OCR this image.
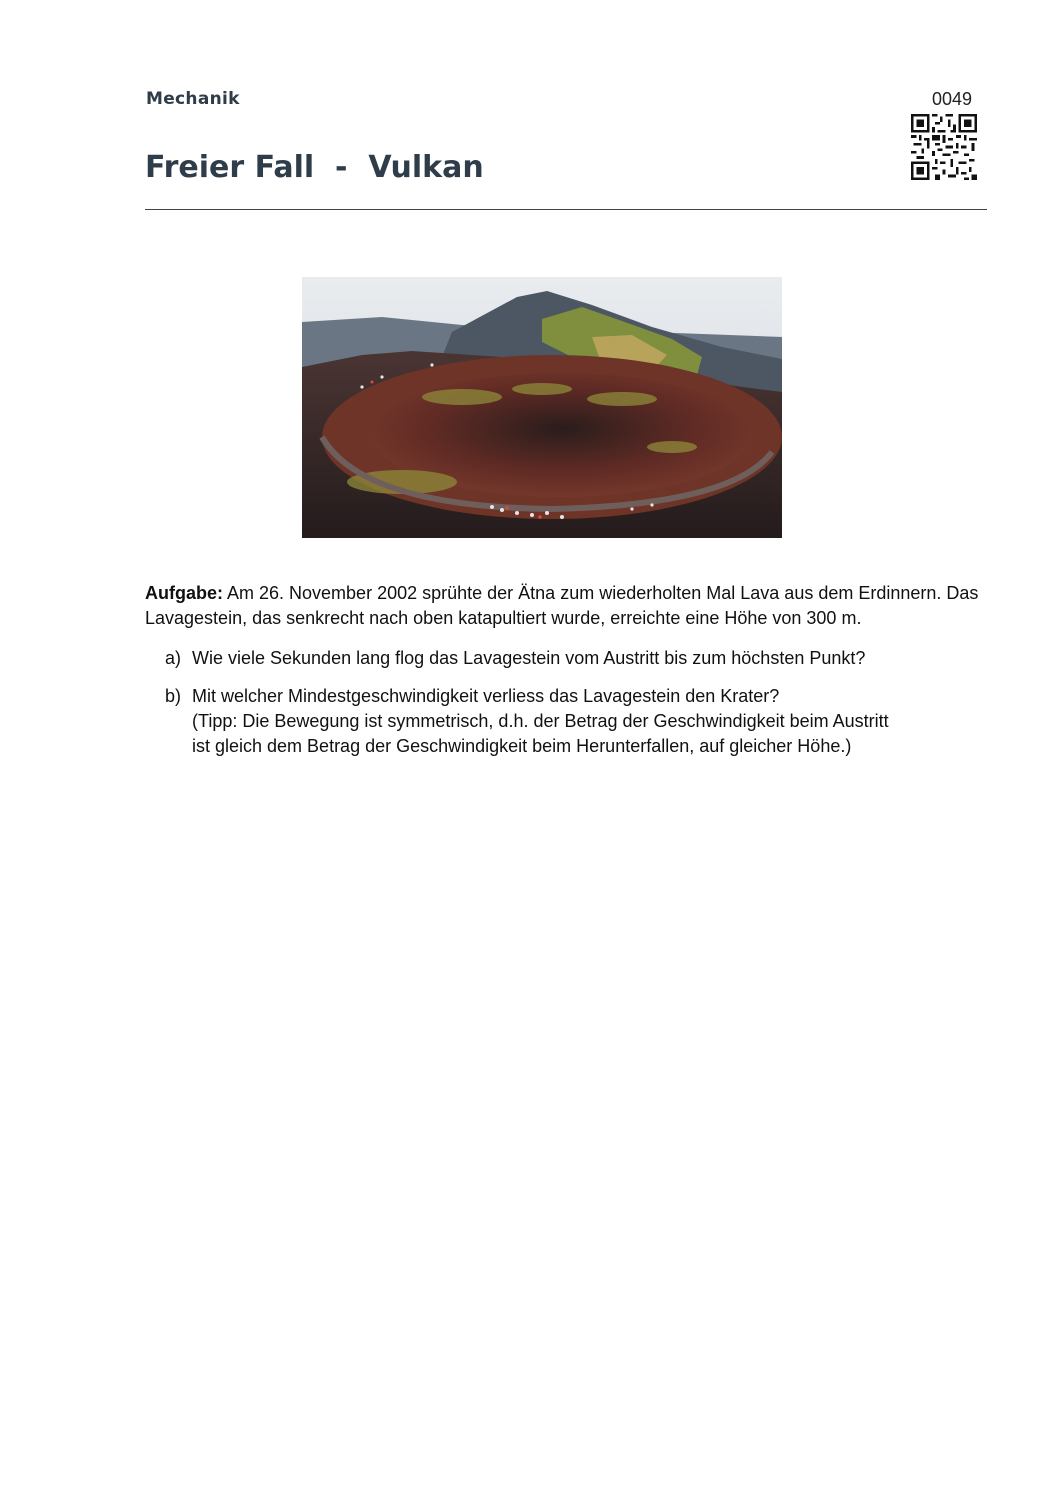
Mechanik	0049
Freier Fall  -  Vulkan
Aufgabe: Am 26. November 2002 sprühte der Ätna zum wiederholten Mal Lava aus dem Erdinnern. Das Lavagestein, das senkrecht nach oben katapultiert wurde, erreichte eine Höhe von 300 m.
a) Wie viele Sekunden lang flog das Lavagestein vom Austritt bis zum höchsten Punkt?
b) Mit welcher Mindestgeschwindigkeit verliess das Lavagestein den Krater?
(Tipp: Die Bewegung ist symmetrisch, d.h. der Betrag der Geschwindigkeit beim Austritt
ist gleich dem Betrag der Geschwindigkeit beim Herunterfallen, auf gleicher Höhe.)
